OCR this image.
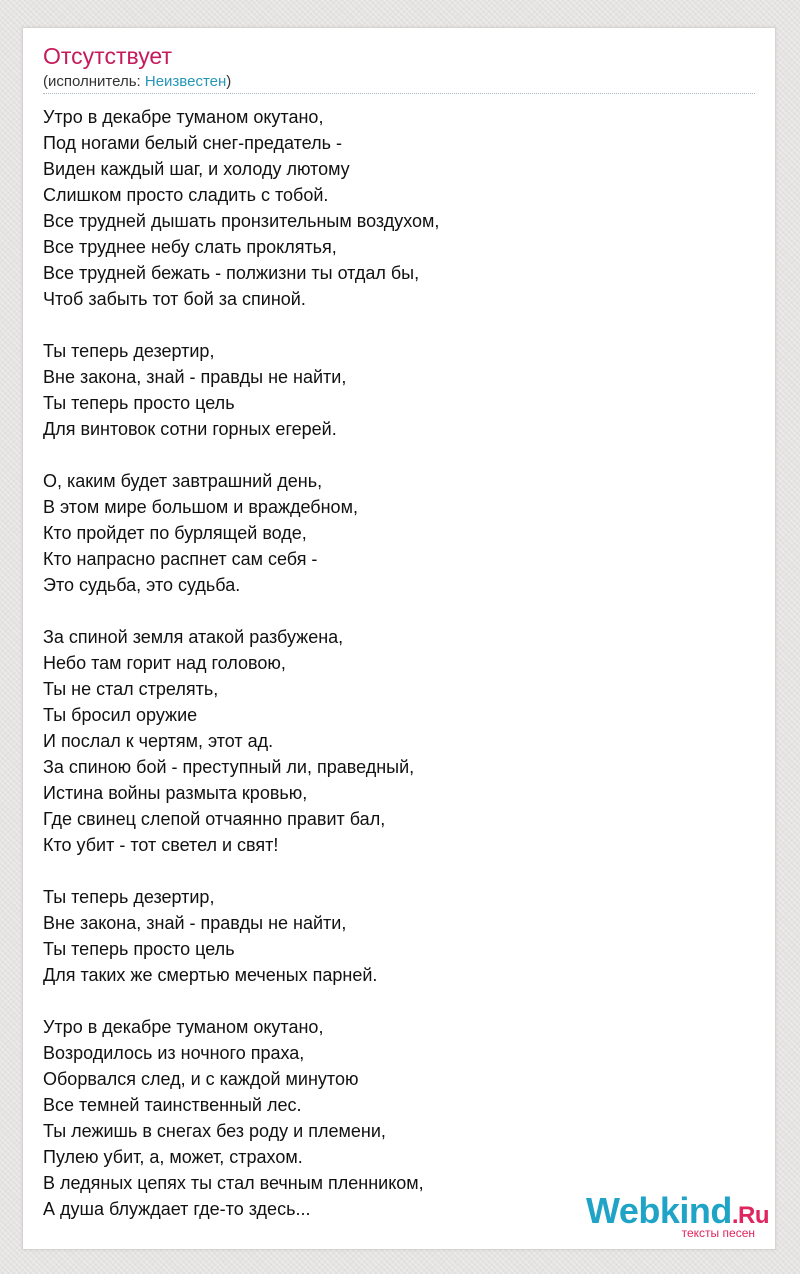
Отсутствует
(исполнитель: Неизвестен)
Утро в декабре туманом окутано,
Под ногами белый снег-предатель -
Виден каждый шаг, и холоду лютому
Слишком просто сладить с тобой.
Все трудней дышать пронзительным воздухом,
Все труднее небу слать проклятья,
Все трудней бежать - полжизни ты отдал бы,
Чтоб забыть тот бой за спиной.
Ты теперь дезертир,
Вне закона, знай - правды не найти,
Ты теперь просто цель
Для винтовок сотни горных егерей.
О, каким будет завтрашний день,
В этом мире большом и враждебном,
Кто пройдет по бурлящей воде,
Кто напрасно распнет сам себя -
Это судьба, это судьба.
За спиной земля атакой разбужена,
Небо там горит над головою,
Ты не стал стрелять,
Ты бросил оружие
И послал к чертям, этот ад.
За спиною бой - преступный ли, праведный,
Истина войны размыта кровью,
Где свинец слепой отчаянно правит бал,
Кто убит - тот светел и свят!
Ты теперь дезертир,
Вне закона, знай - правды не найти,
Ты теперь просто цель
Для таких же смертью меченых парней.
Утро в декабре туманом окутано,
Возродилось из ночного праха,
Оборвался след, и с каждой минутою
Все темней таинственный лес.
Ты лежишь в снегах без роду и племени,
Пулею убит, а, может, страхом.
В ледяных цепях ты стал вечным пленником,
А душа блуждает где-то здесь...	Webkind.Ru
тексты песен
